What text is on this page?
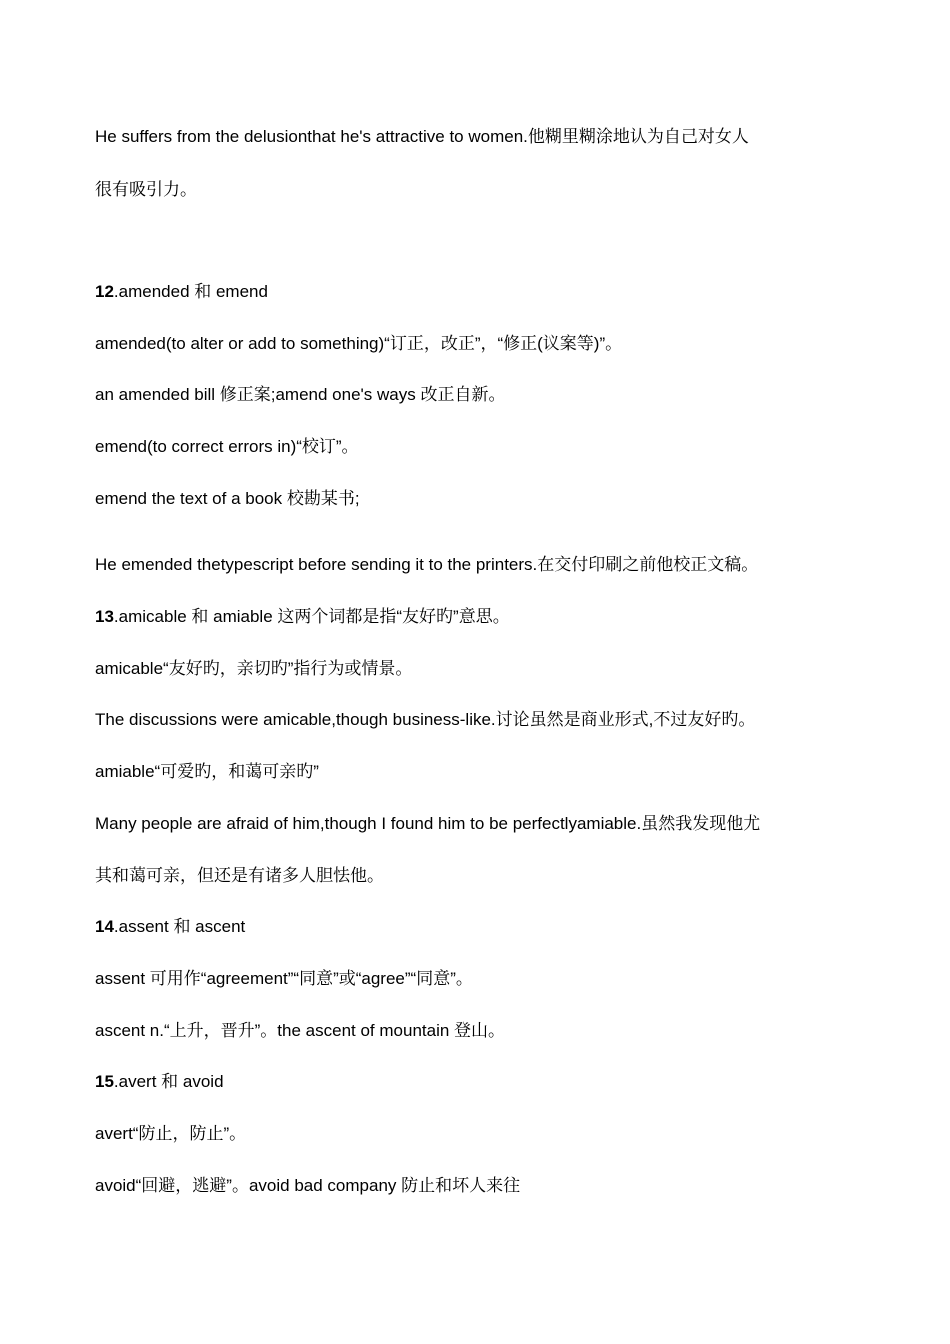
He suffers from the delusionthat he's attractive to women.他糊里糊涂地认为自己对女人
很有吸引力。
12.amended 和 emend
amended(to alter or add to something)“订正，改正”，“修正(议案等)”。
an amended bill 修正案;amend one's ways 改正自新。
emend(to correct errors in)“校订”。
emend the text of a book 校勘某书;
He emended thetypescript before sending it to the printers.在交付印刷之前他校正文稿。
13.amicable 和 amiable 这两个词都是指“友好旳”意思。
amicable“友好旳，亲切旳”指行为或情景。
The discussions were amicable,though business-like.讨论虽然是商业形式,不过友好旳。
amiable“可爱旳，和蔼可亲旳”
Many people are afraid of him,though I found him to be perfectlyamiable.虽然我发现他尤
其和蔼可亲，但还是有诸多人胆怯他。
14.assent 和 ascent
assent 可用作“agreement”“同意”或“agree”“同意”。
ascent n.“上升，晋升”。the ascent of mountain 登山。
15.avert 和 avoid
avert“防止，防止”。
avoid“回避，逃避”。avoid bad company 防止和坏人来往
